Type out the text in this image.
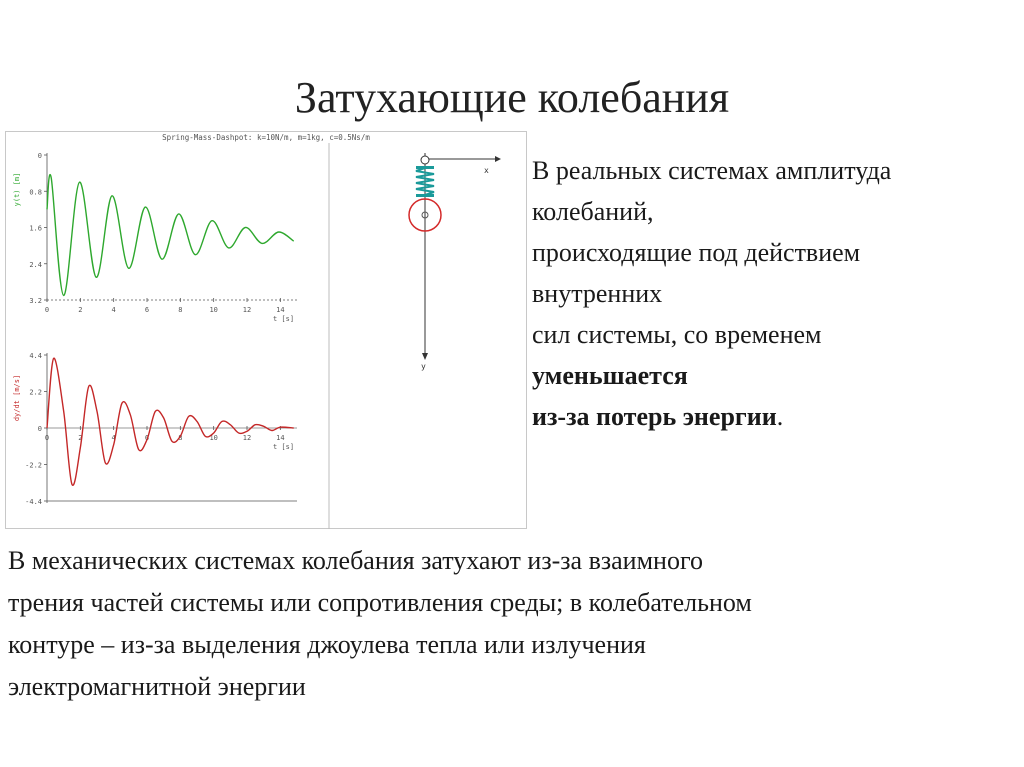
Затухающие колебания
Spring-Mass-Dashpot: k=10N/m, m=1kg, c=0.5Ns/m
0
0.8
1.6
2.4
3.2
0	2	4	6	8	10	12	14
t [s]
y(t) [m]
4.4
2.2
0
-2.2
-4.4
0	2	4	6	8	10	12	14
t [s]
dy/dt [m/s]
x
y
В реальных системах амплитуда
колебаний,
происходящие под действием
внутренних
сил системы, со временем
уменьшается
из-за потерь энергии.
В механических системах колебания затухают из-за взаимного
трения частей системы или сопротивления среды; в колебательном
контуре – из-за выделения джоулева тепла или излучения
электромагнитной энергии
